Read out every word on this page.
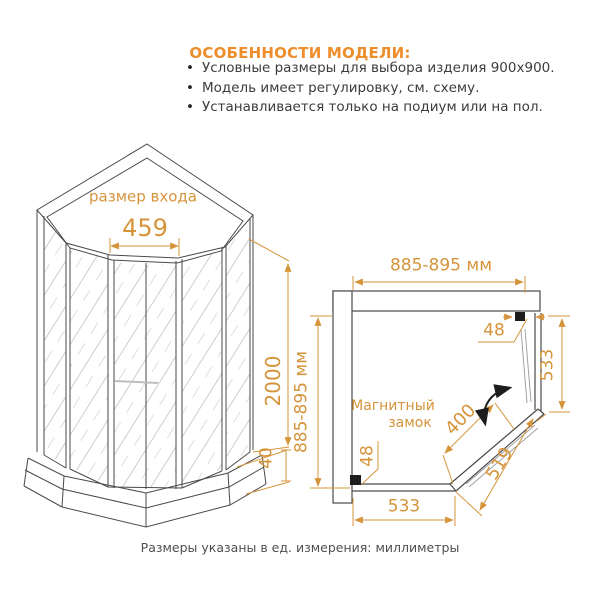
ОСОБЕННОСТИ МОДЕЛИ:
• Условные размеры для выбора изделия 900x900.
• Модель имеет регулировку, см. схему.
• Устанавливается только на подиум или на пол.
размер входа
459
2000
40
885-895 мм
885-895 мм
48
533
519
400
Магнитный
замок
48
533
Размеры указаны в ед. измерения: миллиметры
